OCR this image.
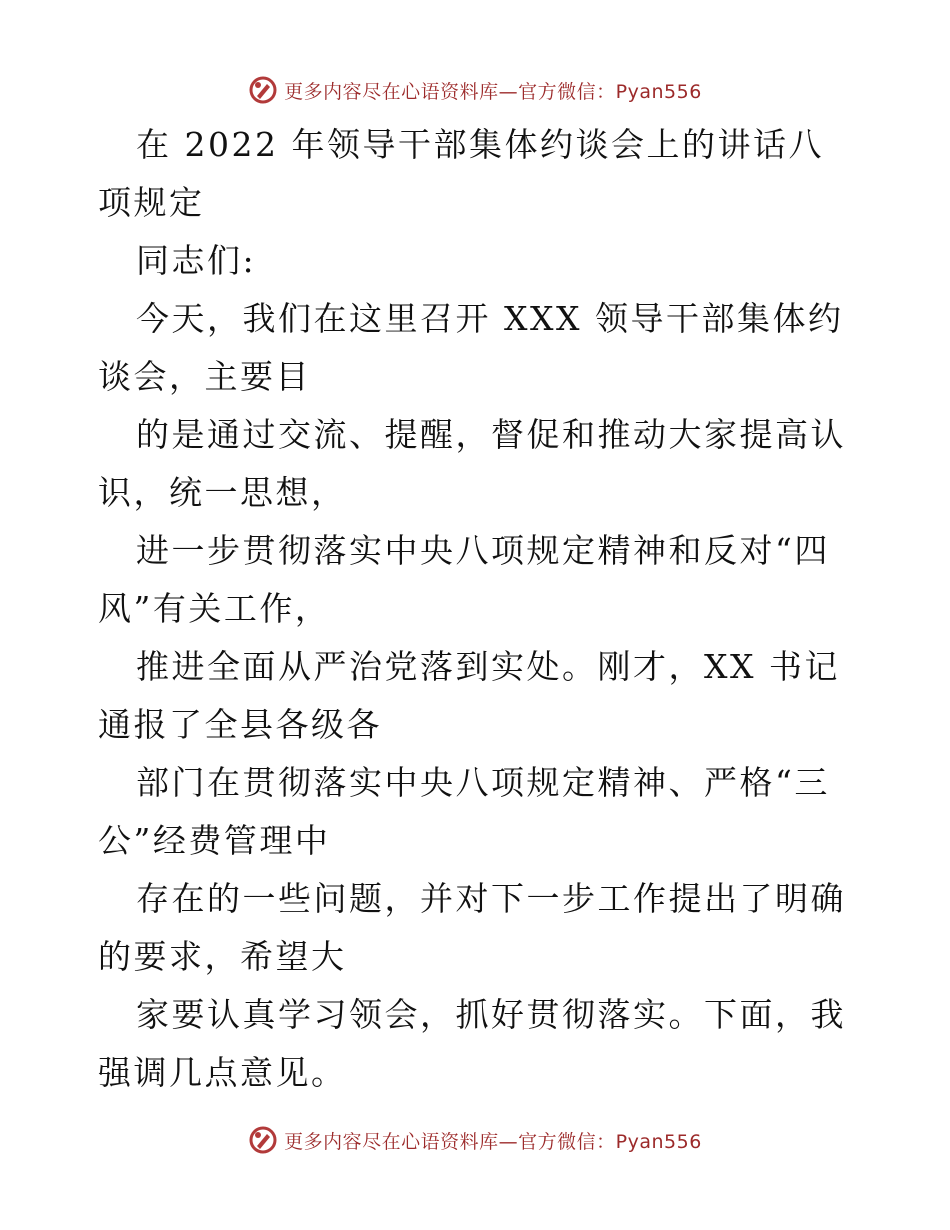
更多内容尽在心语资料库—官方微信：Pyan556

在 2022 年领导干部集体约谈会上的讲话八项规定

同志们:

今天，我们在这里召开 XXX 领导干部集体约谈会，主要目

的是通过交流、提醒，督促和推动大家提高认识，统一思想，

进一步贯彻落实中央八项规定精神和反对“四风”有关工作，

推进全面从严治党落到实处。刚才，XX 书记通报了全县各级各

部门在贯彻落实中央八项规定精神、严格“三公”经费管理中

存在的一些问题，并对下一步工作提出了明确的要求，希望大

家要认真学习领会，抓好贯彻落实。下面，我强调几点意见。

更多内容尽在心语资料库—官方微信：Pyan556
